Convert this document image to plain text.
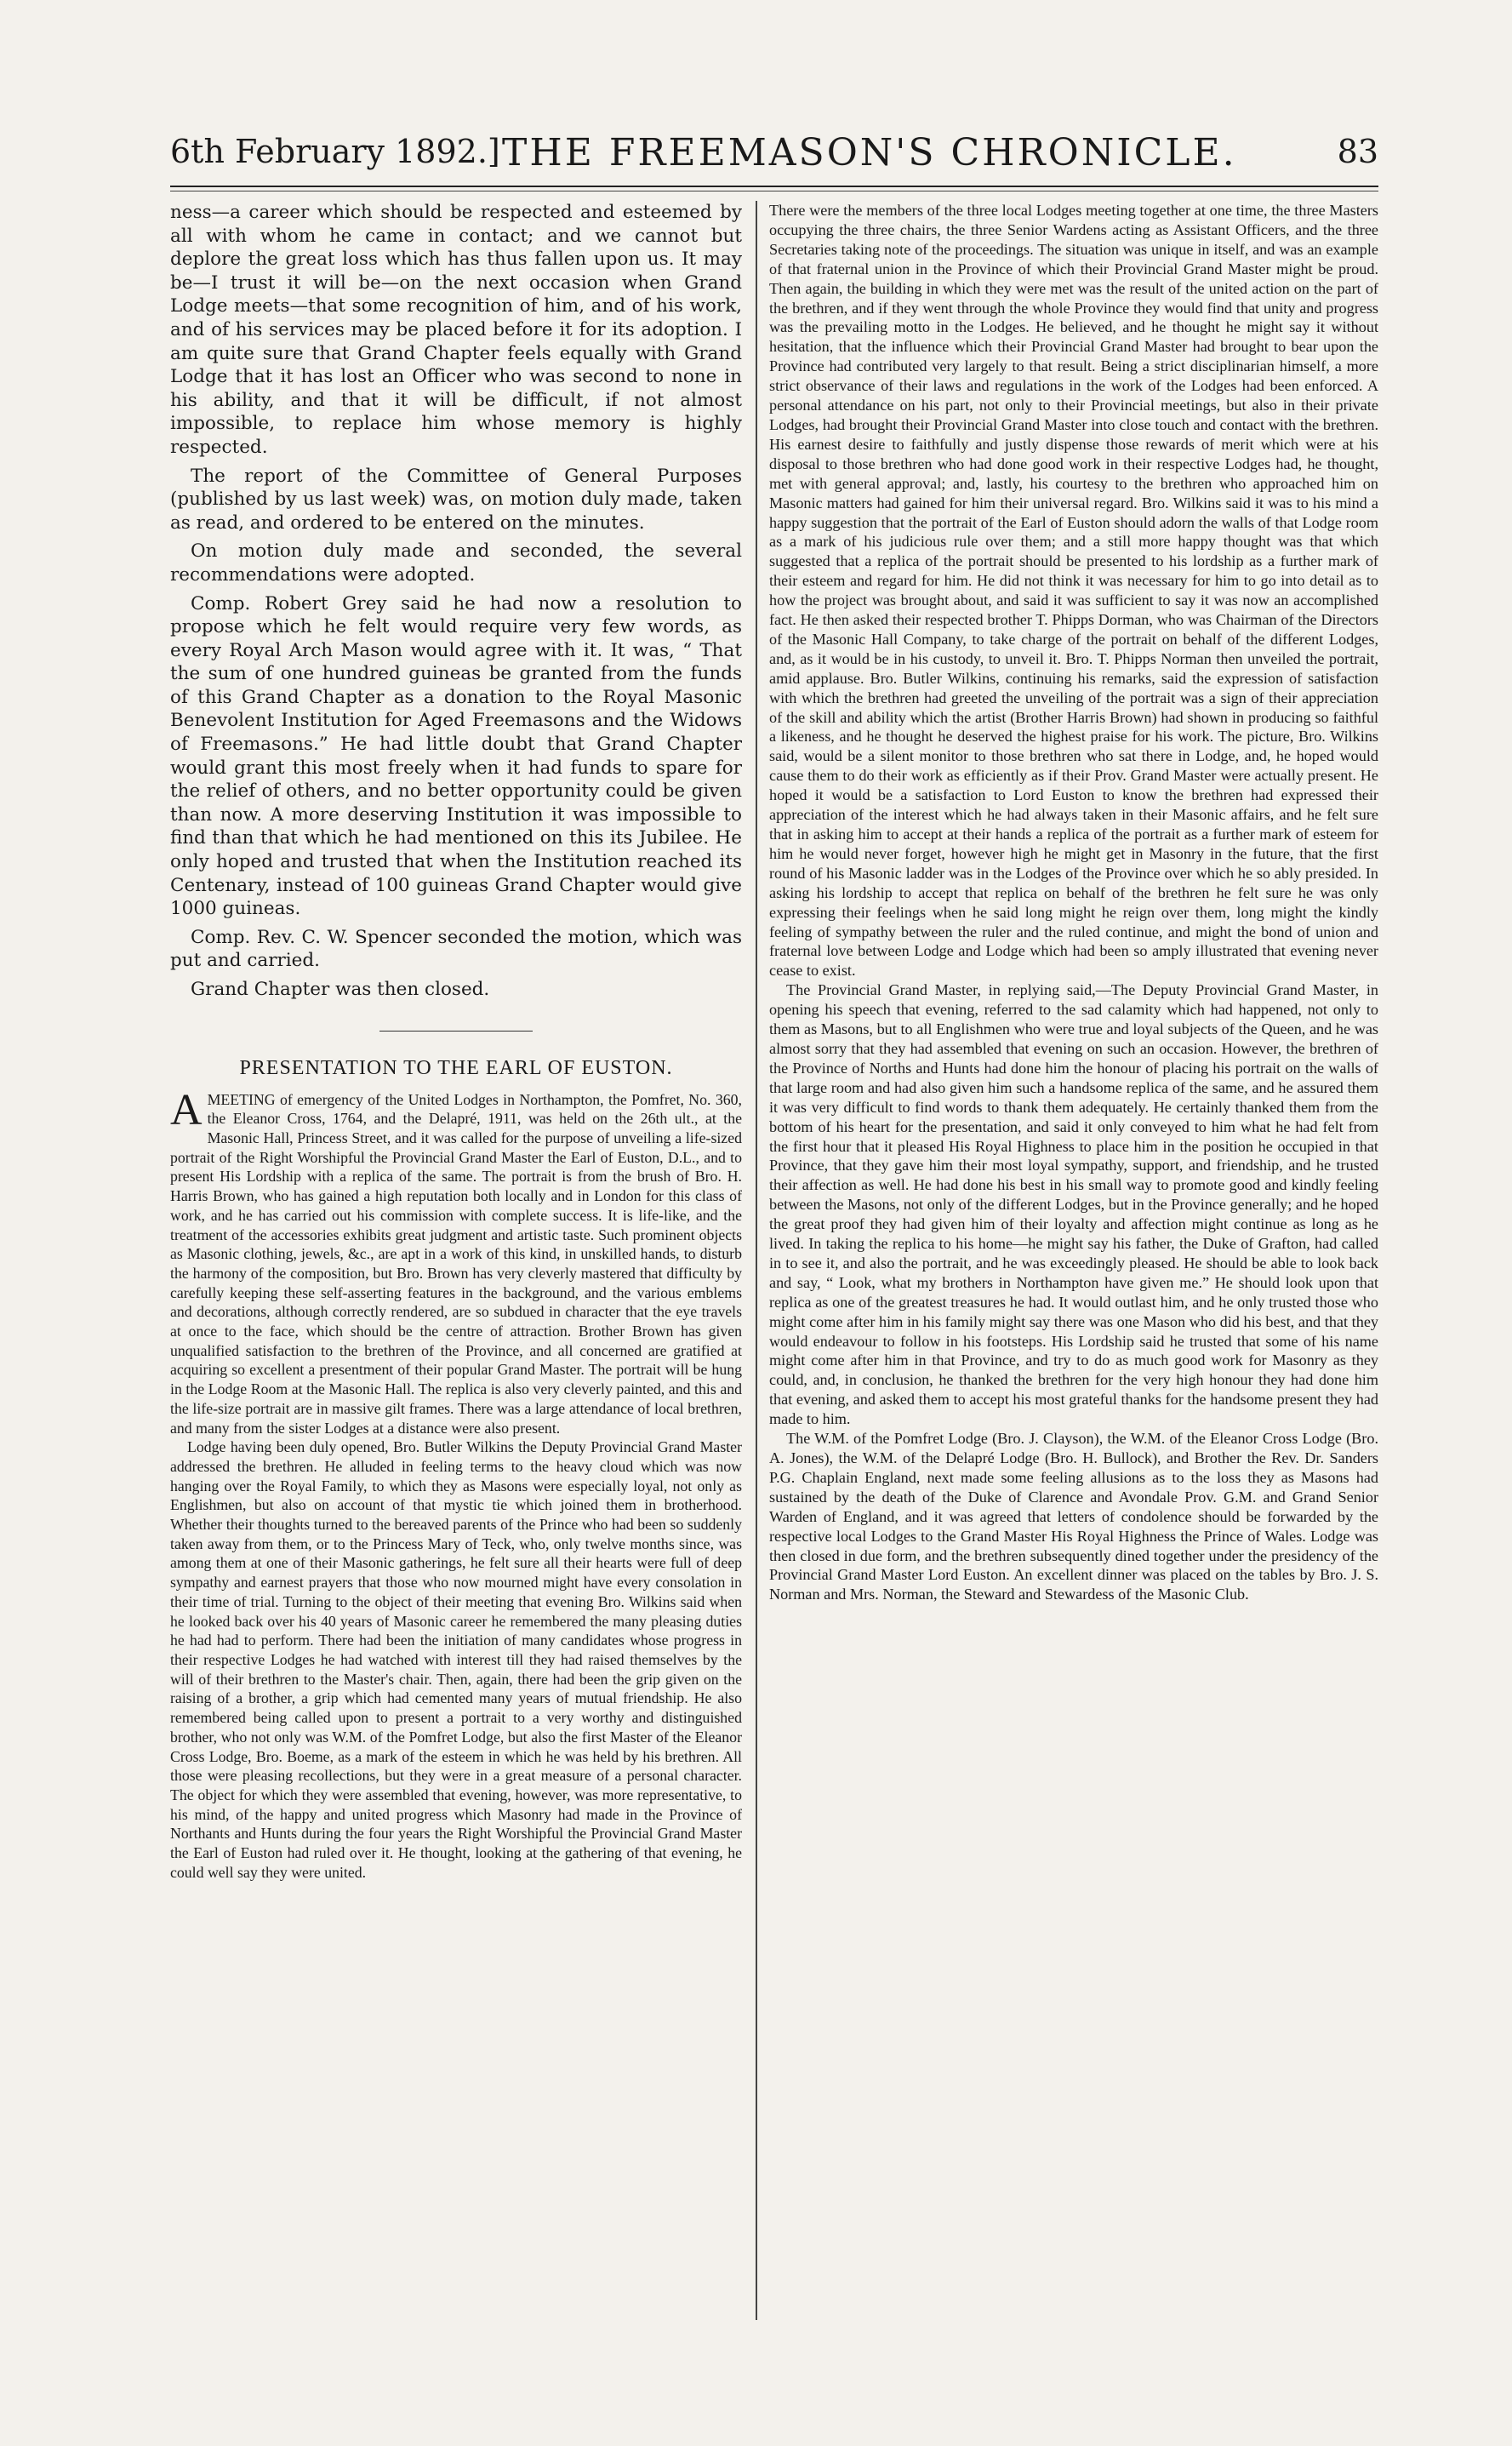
6th February 1892.] THE FREEMASON'S CHRONICLE.	83

ness—a career which should be respected and esteemed by all with whom he came in contact; and we cannot but deplore the great loss which has thus fallen upon us. It may be—I trust it will be—on the next occasion when Grand Lodge meets—that some recognition of him, and of his work, and of his services may be placed before it for its adoption. I am quite sure that Grand Chapter feels equally with Grand Lodge that it has lost an Officer who was second to none in his ability, and that it will be difficult, if not almost impossible, to replace him whose memory is highly respected.

The report of the Committee of General Purposes (published by us last week) was, on motion duly made, taken as read, and ordered to be entered on the minutes.

On motion duly made and seconded, the several recommendations were adopted.

Comp. Robert Grey said he had now a resolution to propose which he felt would require very few words, as every Royal Arch Mason would agree with it. It was, “ That the sum of one hundred guineas be granted from the funds of this Grand Chapter as a donation to the Royal Masonic Benevolent Institution for Aged Freemasons and the Widows of Freemasons.” He had little doubt that Grand Chapter would grant this most freely when it had funds to spare for the relief of others, and no better opportunity could be given than now. A more deserving Institution it was impossible to find than that which he had mentioned on this its Jubilee. He only hoped and trusted that when the Institution reached its Centenary, instead of 100 guineas Grand Chapter would give 1000 guineas.

Comp. Rev. C. W. Spencer seconded the motion, which was put and carried.

Grand Chapter was then closed.

PRESENTATION TO THE EARL OF EUSTON.

AMEETING of emergency of the United Lodges in Northampton, the Pomfret, No. 360, the Eleanor Cross, 1764, and the Delapré, 1911, was held on the 26th ult., at the Masonic Hall, Princess Street, and it was called for the purpose of unveiling a life-sized portrait of the Right Worshipful the Provincial Grand Master the Earl of Euston, D.L., and to present His Lordship with a replica of the same. The portrait is from the brush of Bro. H. Harris Brown, who has gained a high reputation both locally and in London for this class of work, and he has carried out his commission with complete success. It is life-like, and the treatment of the accessories exhibits great judgment and artistic taste. Such prominent objects as Masonic clothing, jewels, &c., are apt in a work of this kind, in unskilled hands, to disturb the harmony of the composition, but Bro. Brown has very cleverly mastered that difficulty by carefully keeping these self-asserting features in the background, and the various emblems and decorations, although correctly rendered, are so subdued in character that the eye travels at once to the face, which should be the centre of attraction. Brother Brown has given unqualified satisfaction to the brethren of the Province, and all concerned are gratified at acquiring so excellent a presentment of their popular Grand Master. The portrait will be hung in the Lodge Room at the Masonic Hall. The replica is also very cleverly painted, and this and the life-size portrait are in massive gilt frames. There was a large attendance of local brethren, and many from the sister Lodges at a distance were also present.

Lodge having been duly opened, Bro. Butler Wilkins the Deputy Provincial Grand Master addressed the brethren. He alluded in feeling terms to the heavy cloud which was now hanging over the Royal Family, to which they as Masons were especially loyal, not only as Englishmen, but also on account of that mystic tie which joined them in brotherhood. Whether their thoughts turned to the bereaved parents of the Prince who had been so suddenly taken away from them, or to the Princess Mary of Teck, who, only twelve months since, was among them at one of their Masonic gatherings, he felt sure all their hearts were full of deep sympathy and earnest prayers that those who now mourned might have every consolation in their time of trial. Turning to the object of their meeting that evening Bro. Wilkins said when he looked back over his 40 years of Masonic career he remembered the many pleasing duties he had had to perform. There had been the initiation of many candidates whose progress in their respective Lodges he had watched with interest till they had raised themselves by the will of their brethren to the Master's chair. Then, again, there had been the grip given on the raising of a brother, a grip which had cemented many years of mutual friendship. He also remembered being called upon to present a portrait to a very worthy and distinguished brother, who not only was W.M. of the Pomfret Lodge, but also the first Master of the Eleanor Cross Lodge, Bro. Boeme, as a mark of the esteem in which he was held by his brethren. All those were pleasing recollections, but they were in a great measure of a personal character. The object for which they were assembled that evening, however, was more representative, to his mind, of the happy and united progress which Masonry had made in the Province of Northants and Hunts during the four years the Right Worshipful the Provincial Grand Master the Earl of Euston had ruled over it. He thought, looking at the gathering of that evening, he could well say they were united.

There were the members of the three local Lodges meeting together at one time, the three Masters occupying the three chairs, the three Senior Wardens acting as Assistant Officers, and the three Secretaries taking note of the proceedings. The situation was unique in itself, and was an example of that fraternal union in the Province of which their Provincial Grand Master might be proud. Then again, the building in which they were met was the result of the united action on the part of the brethren, and if they went through the whole Province they would find that unity and progress was the prevailing motto in the Lodges. He believed, and he thought he might say it without hesitation, that the influence which their Provincial Grand Master had brought to bear upon the Province had contributed very largely to that result. Being a strict disciplinarian himself, a more strict observance of their laws and regulations in the work of the Lodges had been enforced. A personal attendance on his part, not only to their Provincial meetings, but also in their private Lodges, had brought their Provincial Grand Master into close touch and contact with the brethren. His earnest desire to faithfully and justly dispense those rewards of merit which were at his disposal to those brethren who had done good work in their respective Lodges had, he thought, met with general approval; and, lastly, his courtesy to the brethren who approached him on Masonic matters had gained for him their universal regard. Bro. Wilkins said it was to his mind a happy suggestion that the portrait of the Earl of Euston should adorn the walls of that Lodge room as a mark of his judicious rule over them; and a still more happy thought was that which suggested that a replica of the portrait should be presented to his lordship as a further mark of their esteem and regard for him. He did not think it was necessary for him to go into detail as to how the project was brought about, and said it was sufficient to say it was now an accomplished fact. He then asked their respected brother T. Phipps Dorman, who was Chairman of the Directors of the Masonic Hall Company, to take charge of the portrait on behalf of the different Lodges, and, as it would be in his custody, to unveil it. Bro. T. Phipps Norman then unveiled the portrait, amid applause. Bro. Butler Wilkins, continuing his remarks, said the expression of satisfaction with which the brethren had greeted the unveiling of the portrait was a sign of their appreciation of the skill and ability which the artist (Brother Harris Brown) had shown in producing so faithful a likeness, and he thought he deserved the highest praise for his work. The picture, Bro. Wilkins said, would be a silent monitor to those brethren who sat there in Lodge, and, he hoped would cause them to do their work as efficiently as if their Prov. Grand Master were actually present. He hoped it would be a satisfaction to Lord Euston to know the brethren had expressed their appreciation of the interest which he had always taken in their Masonic affairs, and he felt sure that in asking him to accept at their hands a replica of the portrait as a further mark of esteem for him he would never forget, however high he might get in Masonry in the future, that the first round of his Masonic ladder was in the Lodges of the Province over which he so ably presided. In asking his lordship to accept that replica on behalf of the brethren he felt sure he was only expressing their feelings when he said long might he reign over them, long might the kindly feeling of sympathy between the ruler and the ruled continue, and might the bond of union and fraternal love between Lodge and Lodge which had been so amply illustrated that evening never cease to exist.

The Provincial Grand Master, in replying said,—The Deputy Provincial Grand Master, in opening his speech that evening, referred to the sad calamity which had happened, not only to them as Masons, but to all Englishmen who were true and loyal subjects of the Queen, and he was almost sorry that they had assembled that evening on such an occasion. However, the brethren of the Province of Norths and Hunts had done him the honour of placing his portrait on the walls of that large room and had also given him such a handsome replica of the same, and he assured them it was very difficult to find words to thank them adequately. He certainly thanked them from the bottom of his heart for the presentation, and said it only conveyed to him what he had felt from the first hour that it pleased His Royal Highness to place him in the position he occupied in that Province, that they gave him their most loyal sympathy, support, and friendship, and he trusted their affection as well. He had done his best in his small way to promote good and kindly feeling between the Masons, not only of the different Lodges, but in the Province generally; and he hoped the great proof they had given him of their loyalty and affection might continue as long as he lived. In taking the replica to his home—he might say his father, the Duke of Grafton, had called in to see it, and also the portrait, and he was exceedingly pleased. He should be able to look back and say, “ Look, what my brothers in Northampton have given me.” He should look upon that replica as one of the greatest treasures he had. It would outlast him, and he only trusted those who might come after him in his family might say there was one Mason who did his best, and that they would endeavour to follow in his footsteps. His Lordship said he trusted that some of his name might come after him in that Province, and try to do as much good work for Masonry as they could, and, in conclusion, he thanked the brethren for the very high honour they had done him that evening, and asked them to accept his most grateful thanks for the handsome present they had made to him.

The W.M. of the Pomfret Lodge (Bro. J. Clayson), the W.M. of the Eleanor Cross Lodge (Bro. A. Jones), the W.M. of the Delapré Lodge (Bro. H. Bullock), and Brother the Rev. Dr. Sanders P.G. Chaplain England, next made some feeling allusions as to the loss they as Masons had sustained by the death of the Duke of Clarence and Avondale Prov. G.M. and Grand Senior Warden of England, and it was agreed that letters of condolence should be forwarded by the respective local Lodges to the Grand Master His Royal Highness the Prince of Wales. Lodge was then closed in due form, and the brethren subsequently dined together under the presidency of the Provincial Grand Master Lord Euston. An excellent dinner was placed on the tables by Bro. J. S. Norman and Mrs. Norman, the Steward and Stewardess of the Masonic Club.
